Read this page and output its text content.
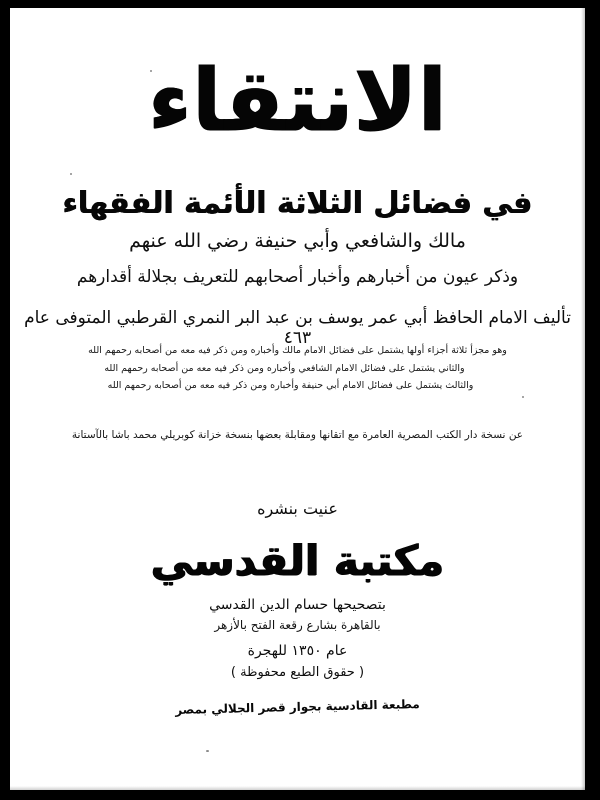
الانتقاء
في فضائل الثلاثة الأئمة الفقهاء
مالك والشافعي وأبي حنيفة رضي الله عنهم
وذكر عيون من أخبارهم وأخبار أصحابهم للتعريف بجلالة أقدارهم
تأليف الامام الحافظ أبي عمر يوسف بن عبد البر النمري القرطبي المتوفى عام ٤٦٣
وهو مجزأ ثلاثة أجزاء أولها يشتمل على فضائل الامام مالك وأخباره ومن ذكر فيه معه من أصحابه رحمهم الله
والثاني يشتمل على فضائل الامام الشافعي وأخباره ومن ذكر فيه معه من أصحابه رحمهم الله
والثالث يشتمل على فضائل الامام أبي حنيفة وأخباره ومن ذكر فيه معه من أصحابه رحمهم الله
عن نسخة دار الكتب المصرية العامرة مع اتقانها ومقابلة بعضها بنسخة خزانة كوبريلي محمد باشا بالآستانة
عنيت بنشره
مكتبة القدسي
بتصحيحها حسام الدين القدسي
بالقاهرة بشارع رقعة الفتح بالأزهر
عام ١٣٥٠ للهجرة
( حقوق الطبع محفوظة )
مطبعة القادسية بجوار قصر الجلالي بمصر
